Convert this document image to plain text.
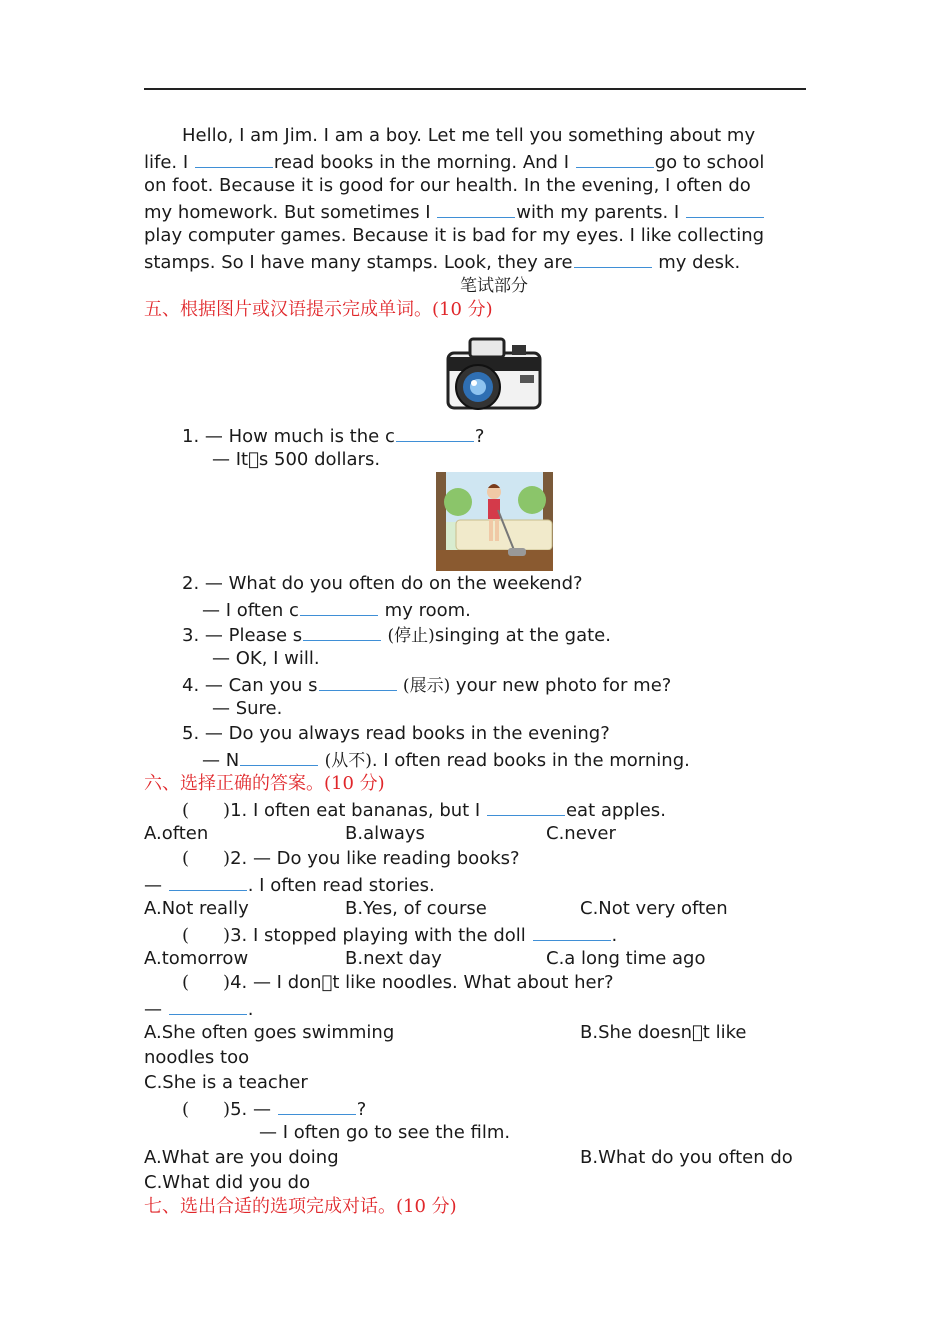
Hello, I am Jim. I am a boy. Let me tell you something about my
life. I	read books in the morning. And I	go to school
on foot. Because it is good for our health. In the evening, I often do
my homework. But sometimes I	with my parents. I
play computer games. Because it is bad for my eyes. I like collecting
stamps. So I have many stamps. Look, they are	my desk.
笔试部分
五、根据图片或汉语提示完成单词。(10 分)
1. — How much is the c	?
— It s 500 dollars.
2. — What do you often do on the weekend?
— I often c	my room.
3. — Please s	(停止)singing at the gate.
— OK, I will.
4. — Can you s	(展示) your new photo for me?
— Sure.
5. — Do you always read books in the evening?
— N	(从不). I often read books in the morning.
六、选择正确的答案。(10 分)
( )1. I often eat bananas, but I	eat apples.
A.often	B.always	C.never
( )2. — Do you like reading books?
—	. I often read stories.
A.Not really	B.Yes, of course	C.Not very often
( )3. I stopped playing with the doll	.
A.tomorrow	B.next day	C.a long time ago
( )4. — I don t like noodles. What about her?
—	.
A.She often goes swimming	B.She doesn t like
noodles too
C.She is a teacher
( )5. —	?
— I often go to see the film.
A.What are you doing	B.What do you often do
C.What did you do
七、选出合适的选项完成对话。(10 分)
